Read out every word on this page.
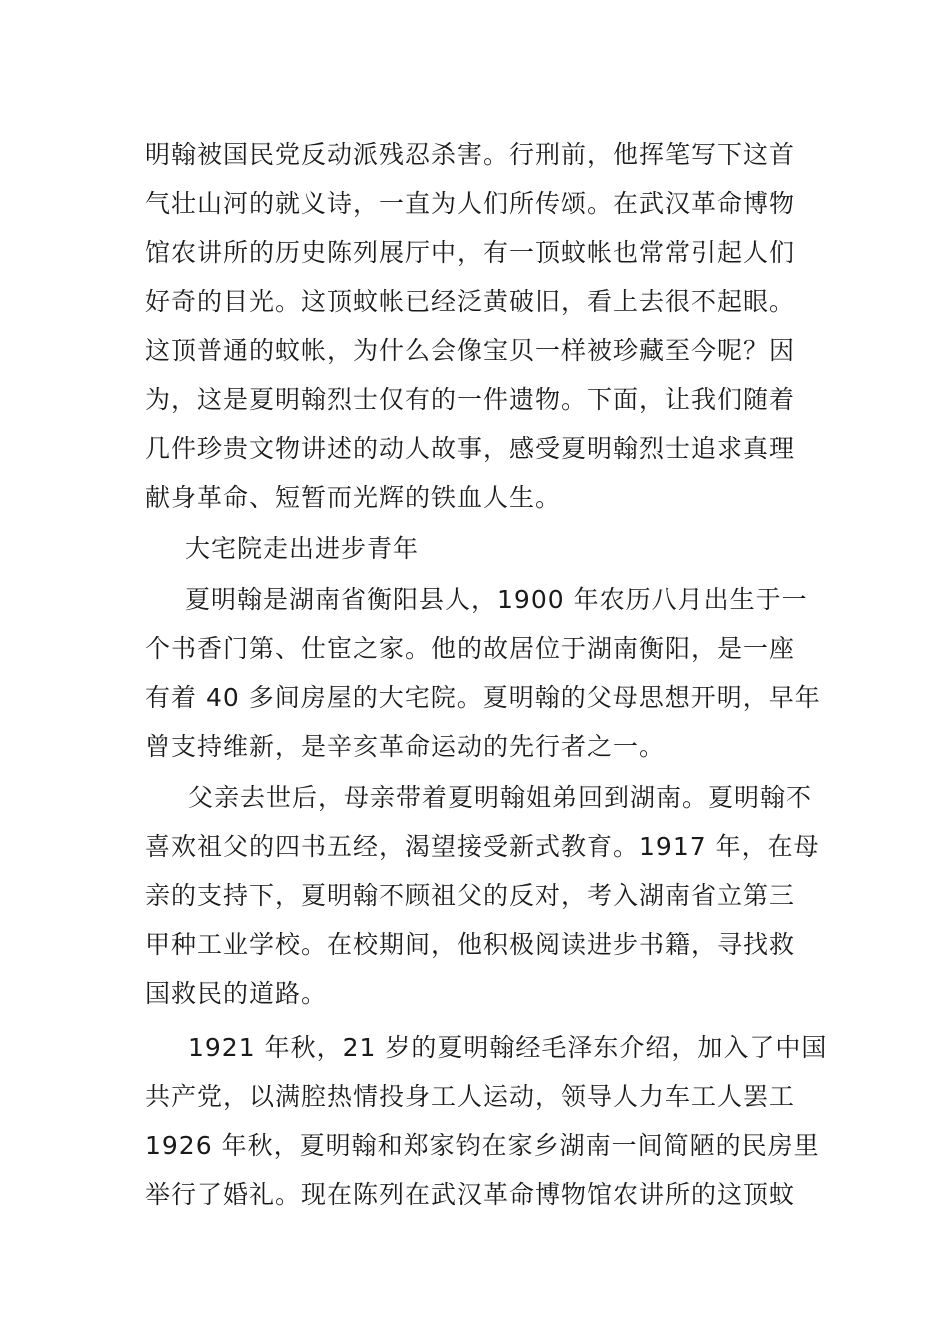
明翰被国民党反动派残忍杀害。行刑前，他挥笔写下这首
气壮山河的就义诗，一直为人们所传颂。在武汉革命博物
馆农讲所的历史陈列展厅中，有一顶蚊帐也常常引起人们
好奇的目光。这顶蚊帐已经泛黄破旧，看上去很不起眼。
这顶普通的蚊帐，为什么会像宝贝一样被珍藏至今呢？因
为，这是夏明翰烈士仅有的一件遗物。下面，让我们随着
几件珍贵文物讲述的动人故事，感受夏明翰烈士追求真理
献身革命、短暂而光辉的铁血人生。
大宅院走出进步青年
夏明翰是湖南省衡阳县人，1900 年农历八月出生于一
个书香门第、仕宦之家。他的故居位于湖南衡阳，是一座
有着 40 多间房屋的大宅院。夏明翰的父母思想开明，早年
曾支持维新，是辛亥革命运动的先行者之一。
父亲去世后，母亲带着夏明翰姐弟回到湖南。夏明翰不
喜欢祖父的四书五经，渴望接受新式教育。1917 年，在母
亲的支持下，夏明翰不顾祖父的反对，考入湖南省立第三
甲种工业学校。在校期间，他积极阅读进步书籍，寻找救
国救民的道路。
1921 年秋，21 岁的夏明翰经毛泽东介绍，加入了中国
共产党，以满腔热情投身工人运动，领导人力车工人罢工
1926 年秋，夏明翰和郑家钧在家乡湖南一间简陋的民房里
举行了婚礼。现在陈列在武汉革命博物馆农讲所的这顶蚊
